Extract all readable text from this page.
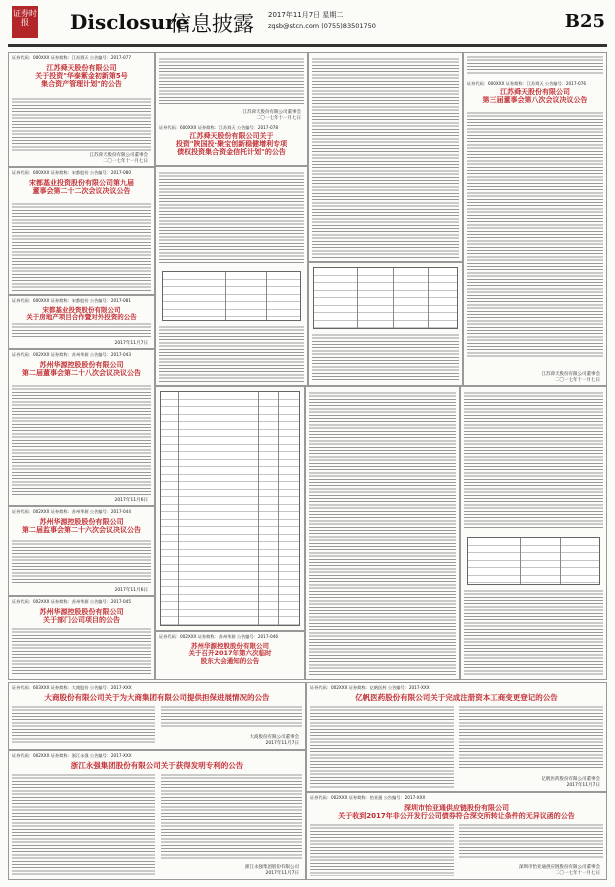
证券时报	Disclosure
信息披露 2017年11月7日 星期二
zqsb@stcn.com (0755)83501750	B25
证券代码：000XXX 证券简称：江苏舜天 公告编号：2017-077
江苏舜天股份有限公司
关于投资"华泰紫金初新第5号
集合资产管理计划"的公告
江苏舜天股份有限公司董事会
二〇一七年十一月七日
证券代码：600XXX 证券简称：宋都股份 公告编号：2017-080
宋都基业投资股份有限公司第九届
董事会第二十二次会议决议公告
证券代码：600XXX 证券简称：宋都股份 公告编号：2017-081
宋都基业投资股份有限公司
关于房地产项目合作暨对外投资的公告
2017年11月7日
证券代码：002XXX 证券简称：苏州华源 公告编号：2017-043
苏州华源控股股份有限公司
第二届董事会第二十八次会议决议公告
2017年11月6日
证券代码：002XXX 证券简称：苏州华源 公告编号：2017-044
苏州华源控股股份有限公司
第二届监事会第二十六次会议决议公告
2017年11月6日
证券代码：002XXX 证券简称：苏州华源 公告编号：2017-045
苏州华源控股股份有限公司
关于部门公司项目的公告
江苏舜天股份有限公司董事会
二〇一七年十一月七日
证券代码：600XXX 证券简称：江苏舜天 公告编号：2017-078
江苏舜天股份有限公司关于
投资"陕国投·聚宝创新稳健增利专项
债权投资集合资金信托计划"的公告
证券代码：600XXX 证券简称：江苏舜天 公告编号：2017-076
江苏舜天股份有限公司
第三届董事会第八次会议决议公告
江苏舜天股份有限公司董事会
二〇一七年十一月七日
证券代码：002XXX 证券简称：苏州华源 公告编号：2017-046
苏州华源控股股份有限公司
关于召开2017年第六次临时
股东大会通知的公告
证券代码：603XXX 证券简称：大商股份 公告编号：2017-XXX
大商股份有限公司关于为大商集团有限公司提供担保进展情况的公告
大商股份有限公司董事会
2017年11月7日
证券代码：002XXX 证券简称：浙江永强 公告编号：2017-XXX
浙江永强集团股份有限公司关于获得发明专利的公告
浙江永强集团股份有限公司
2017年11月7日
证券代码：002XXX 证券简称：亿帆医药 公告编号：2017-XXX
亿帆医药股份有限公司关于完成注册资本工商变更登记的公告
亿帆医药股份有限公司董事会
2017年11月7日
证券代码：002XXX 证券简称：怡亚通 公告编号：2017-XXX
深圳市怡亚通供应链股份有限公司
关于收到2017年非公开发行公司债券符合深交所转让条件的无异议函的公告
深圳市怡亚通供应链股份有限公司董事会
二〇一七年十一月七日
